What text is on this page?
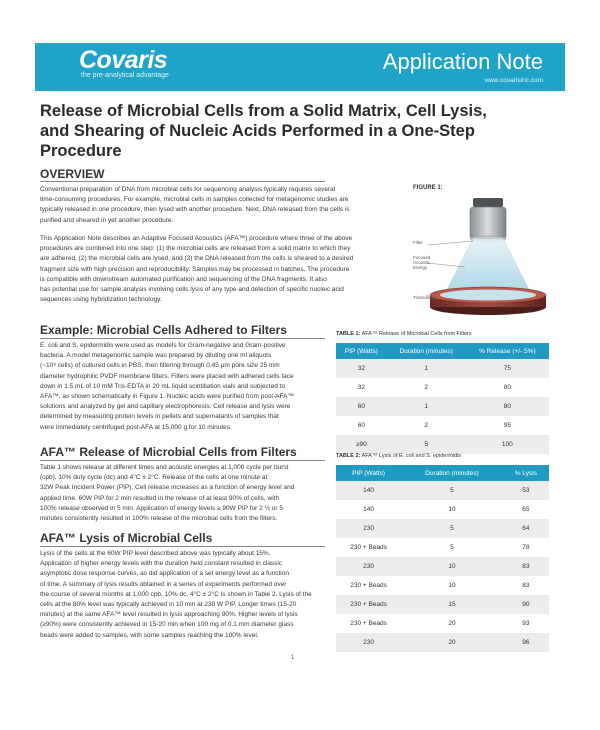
Covaris
the pre-analytical advantage
Application Note
www.covarisinc.com
Release of Microbial Cells from a Solid Matrix, Cell Lysis,
and Shearing of Nucleic Acids Performed in a One-Step
Procedure
OVERVIEW
Conventional preparation of DNA from microbial cells for sequencing analysis typically requires several
time-consuming procedures. For example, microbial cells in samples collected for metagenomic studies are
typically released in one procedure, then lysed with another procedure. Next, DNA released from the cells is
purified and sheared in yet another procedure.
This Application Note describes an Adaptive Focused Acoustics (AFA™) procedure where three of the above
procedures are combined into one step: (1) the microbial cells are released from a solid matrix to which they
are adhered, (2) the microbial cells are lysed, and (3) the DNA released from the cells is sheared to a desired
fragment size with high precision and reproducibility. Samples may be processed in batches. The procedure
is compatible with downstream automated purification and sequencing of the DNA fragments. It also
has potential use for sample analysis involving cells lysis of any type and detection of specific nucleic acid
sequences using hybridization technology.
FIGURE 1:
Filter
Focused
Acoustic
Energy
Transducer
Example: Microbial Cells Adhered to Filters
E. coli and S. epidermidis were used as models for Gram-negative and Gram-positive
bacteria. A model metagenomic sample was prepared by diluting one ml aliquots
(~10⁸ cells) of cultured cells in PBS, then filtering through 0.45 µm pore size 25 mm
diameter hydrophilic PVDF membrane filters. Filters were placed with adhered cells face
down in 1.5 mL of 10 mM Tris-EDTA in 20 mL liquid scintillation vials and subjected to
AFA™, as shown schematically in Figure 1. Nucleic acids were purified from post-AFA™
solutions and analyzed by gel and capillary electrophoresis. Cell release and lysis were
determined by measuring protein levels in pellets and supernatants of samples that
were immediately centrifuged post-AFA at 15,000 g for 10 minutes.
AFA™ Release of Microbial Cells from Filters
Table 1 shows release at different times and acoustic energies at 1,000 cycle per burst
(cpb), 10% duty cycle (dc) and 4°C ± 2°C. Release of the cells at one minute at
32W Peak Incident Power (PIP). Cell release increases as a function of energy level and
applied time. 60W PIP for 2 min resulted in the release of at least 90% of cells, with
100% release observed in 5 min. Application of energy levels ≥ 90W PIP for 2 ½ or 5
minutes consistently resulted in 100% release of the microbial cells from the filters.
AFA™ Lysis of Microbial Cells
Lysis of the cells at the 60W PIP level described above was typically about 15%.
Application of higher energy levels with the duration held constant resulted in classic
asymptotic dose response curves, as did application of a set energy level as a function
of time. A summary of lysis results obtained in a series of experiments performed over
the course of several months at 1,000 cpb, 10% dc, 4°C ± 2°C is shown in Table 2. Lysis of the
cells at the 80% level was typically achieved in 10 min at 230 W PIP. Longer times (15-20
minutes) at the same AFA™ level resulted in lysis approaching 90%. Higher levels of lysis
(≥90%) were consistently achieved in 15-20 min when 100 mg of 0.1 mm diameter glass
beads were added to samples, with some samples reaching the 100% level.
TABLE 1: AFA™ Release of Microbial Cells from Filters
PIP (Watts)	Duration (minutes)	% Release (+/- 5%)
32	1	75
32	2	80
60	1	80
60	2	95
≥90	5	100
TABLE 2: AFA™ Lysis of E. coli and S. epidermidis
PIP (Watts)	Duration (minutes)	% Lysis
140	5	53
140	10	65
230	5	64
230 + Beads	5	78
230	10	83
230 + Beads	10	83
230 + Beads	15	90
230 + Beads	20	93
230	20	96
1
